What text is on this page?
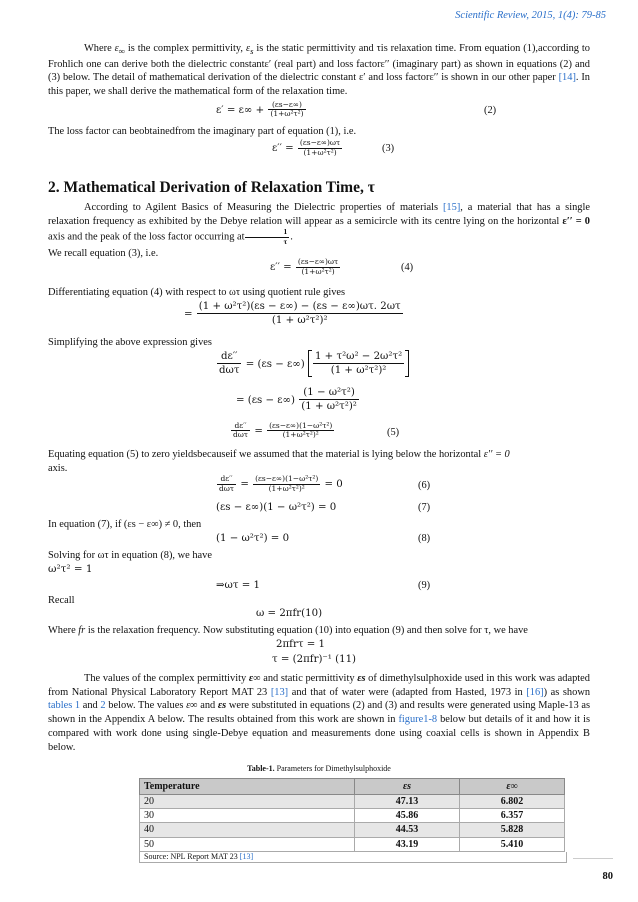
Scientific Review, 2015, 1(4): 79-85

Where $\varepsilon_\infty$ is the complex permittivity, $\varepsilon_s$ is the static permittivity and τis relaxation time. From equation (1),according to Frohlich one can derive both the dielectric constantε′ (real part) and loss factorε′′ (imaginary part) as shown in equations (2) and (3) below. The detail of mathematical derivation of the dielectric constant ε′ and loss factorε′′ is shown in our other paper [14]. In this paper, we shall derive the mathematical form of the relaxation time.

$\varepsilon' = \varepsilon\infty + \frac{(\varepsilon s-\varepsilon\infty)}{\text{(1+ω²τ²)}}$	(2)

The loss factor can beobtainedfrom the imaginary part of equation (1), i.e.

$\varepsilon'' = \frac{(\varepsilon s-\varepsilon\infty)\omega\tau}{\text{(1+ω²τ²)}}$	(3)
2. Mathematical Derivation of Relaxation Time, τ

According to Agilent Basics of Measuring the Dielectric properties of materials [15], a material that has a single relaxation frequency as exhibited by the Debye relation will appear as a semicircle with its centre lying on the horizontal ε′′ = 0 axis and the peak of the loss factor occurring at $\frac{1}{\tau}$ .

We recall equation (3), i.e.

$\varepsilon'' = \frac{(\varepsilon s-\varepsilon\infty)\omega\tau}{\text{(1+ω²τ²)}}$	(4)

Differentiating equation (4) with respect to ωτ using quotient rule gives

= $\frac{\text{(1 + ω²τ²)(εs − ε∞) − (εs − ε∞)ωτ. 2ωτ}}{\text{(1 + ω²τ²)²}}$

Simplifying the above expression gives

$\frac{d\varepsilon''}{\text{dωτ}} = (\varepsilon s - \varepsilon\infty) \frac{\text{1 + τ²ω² − 2ω²τ²}}{\text{(1 + ω²τ²)²}}$
= $(\varepsilon s - \varepsilon\infty) \frac{\text{(1 − ω²τ²)}}{\text{(1 + ω²τ²)²}}$
$\frac{d\varepsilon''}{\text{dωτ}} = \frac{\text{(εs−ε∞)(1−ω²τ²)}}{\text{(1+ω²τ²)²}}$	(5)

Equating equation (5) to zero yieldsbecauseif we assumed that the material is lying below the horizontal ε′′ = 0
axis.

$\frac{d\varepsilon''}{\text{dωτ}} = \frac{\text{(εs−ε∞)(1−ω²τ²)}}{\text{(1+ω²τ²)²}} = 0$	(6)
(εs − ε∞)(1 − ω²τ²) = 0	(7)

In equation (7), if (εs − ε∞) ≠ 0, then

(1 − ω²τ²) = 0	(8)

Solving for ωτ in equation (8), we have

ω²τ² = 1

⇒ωτ = 1	(9)

Recall

ω = 2πfr(10)

Where fr is the relaxation frequency. Now substituting equation (10) into equation (9) and then solve for τ, we have

2πfrτ = 1
τ = (2πfr)⁻¹ (11)

The values of the complex permittivity ε∞ and static permittivity εs of dimethylsulphoxide used in this work was adapted from National Physical Laboratory Report MAT 23 [13] and that of water were (adapted from Hasted, 1973 in [16]) as shown tables 1 and 2 below. The values ε∞ and εs were substituted in equations (2) and (3) and results were generated using Maple-13 as shown in the Appendix A below. The results obtained from this work are shown in figure1-8 below but details of it and how it is compared with work done using single-Debye equation and measurements done using coaxial cells is shown in Appendix B below.

Table-1. Parameters for Dimethylsulphoxide
Temperature	εs	ε∞
20	47.13	6.802
30	45.86	6.357
40	44.53	5.828
50	43.19	5.410
Source: NPL Report MAT 23 [13]
80
